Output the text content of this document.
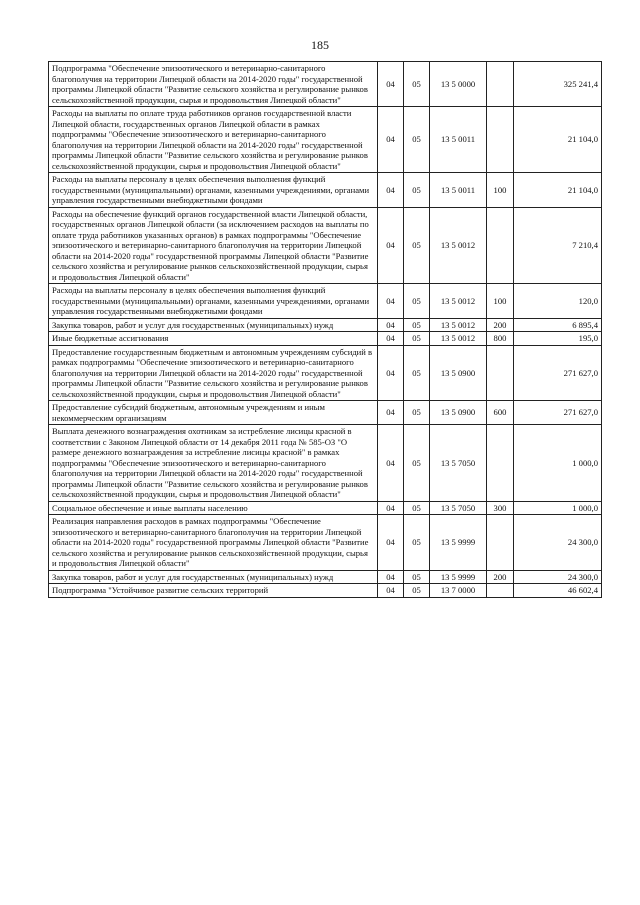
185
Подпрограмма "Обеспечение эпизоотического и ветеринарно-санитарного благополучия на территории Липецкой области на 2014-2020 годы" государственной программы Липецкой области "Развитие сельского хозяйства и регулирование рынков сельскохозяйственной продукции, сырья и продовольствия Липецкой области"	04	05	13 5 0000		325 241,4
Расходы на выплаты по оплате труда работников органов государственной власти Липецкой области, государственных органов Липецкой области в рамках подпрограммы "Обеспечение эпизоотического и ветеринарно-санитарного благополучия на территории Липецкой области на 2014-2020 годы" государственной программы Липецкой области "Развитие сельского хозяйства и регулирование рынков сельскохозяйственной продукции, сырья и продовольствия Липецкой области"	04	05	13 5 0011		21 104,0
Расходы на выплаты персоналу в целях обеспечения выполнения функций государственными (муниципальными) органами, казенными учреждениями, органами управления государственными внебюджетными фондами	04	05	13 5 0011	100	21 104,0
Расходы на обеспечение функций органов государственной власти Липецкой области, государственных органов Липецкой области (за исключением расходов на выплаты по оплате труда работников указанных органов) в рамках подпрограммы "Обеспечение эпизоотического и ветеринарно-санитарного благополучия на территории Липецкой области на 2014-2020 годы" государственной программы Липецкой области "Развитие сельского хозяйства и регулирование рынков сельскохозяйственной продукции, сырья и продовольствия Липецкой области"	04	05	13 5 0012		7 210,4
Расходы на выплаты персоналу в целях обеспечения выполнения функций государственными (муниципальными) органами, казенными учреждениями, органами управления государственными внебюджетными фондами	04	05	13 5 0012	100	120,0
Закупка товаров, работ и услуг для государственных (муниципальных) нужд	04	05	13 5 0012	200	6 895,4
Иные бюджетные ассигнования	04	05	13 5 0012	800	195,0
Предоставление государственным бюджетным и автономным учреждениям субсидий в рамках подпрограммы "Обеспечение эпизоотического и ветеринарно-санитарного благополучия на территории Липецкой области на 2014-2020 годы" государственной программы Липецкой области "Развитие сельского хозяйства и регулирование рынков сельскохозяйственной продукции, сырья и продовольствия Липецкой области"	04	05	13 5 0900		271 627,0
Предоставление субсидий бюджетным, автономным учреждениям и иным некоммерческим организациям	04	05	13 5 0900	600	271 627,0
Выплата денежного вознаграждения охотникам за истребление лисицы красной в соответствии с Законом Липецкой области от 14 декабря 2011 года № 585-ОЗ "О размере денежного вознаграждения за истребление лисицы красной" в рамках подпрограммы "Обеспечение эпизоотического и ветеринарно-санитарного благополучия на территории Липецкой области на 2014-2020 годы" государственной программы Липецкой области "Развитие сельского хозяйства и регулирование рынков сельскохозяйственной продукции, сырья и продовольствия Липецкой области"	04	05	13 5 7050		1 000,0
Социальное обеспечение и иные выплаты населению	04	05	13 5 7050	300	1 000,0
Реализация направления расходов в рамках подпрограммы "Обеспечение эпизоотического и ветеринарно-санитарного благополучия на территории Липецкой области на 2014-2020 годы" государственной программы Липецкой области "Развитие сельского хозяйства и регулирование рынков сельскохозяйственной продукции, сырья и продовольствия Липецкой области"	04	05	13 5 9999		24 300,0
Закупка товаров, работ и услуг для государственных (муниципальных) нужд	04	05	13 5 9999	200	24 300,0
Подпрограмма "Устойчивое развитие сельских территорий	04	05	13 7 0000		46 602,4
